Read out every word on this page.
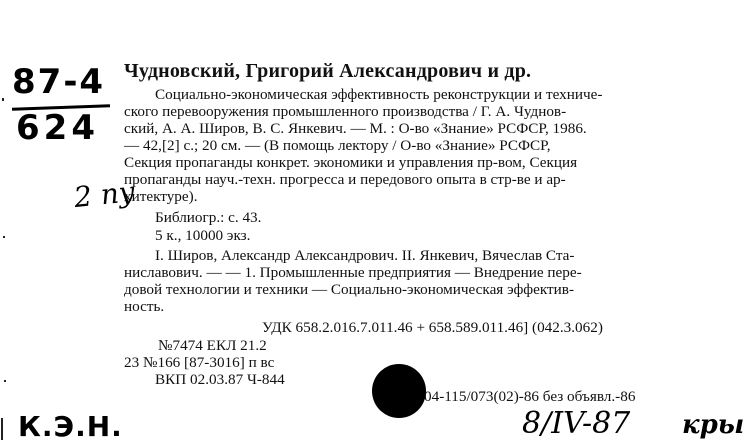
87-4
624
2 пу
Чудновский, Григорий Александрович и др.
Социально-экономическая эффективность реконструкции и техниче-
ского перевооружения промышленного производства / Г. А. Чуднов-
ский, А. А. Широв, В. С. Янкевич. — М. : О-во «Знание» РСФСР, 1986.
— 42,[2] с.; 20 см. — (В помощь лектору / О-во «Знание» РСФСР,
Секция пропаганды конкрет. экономики и управления пр-вом, Секция
пропаганды науч.-техн. прогресса и передового опыта в стр-ве и ар-
хитектуре).
Библиогр.: с. 43.
5 к., 10000 экз.
I. Широв, Александр Александрович. II. Янкевич, Вячеслав Ста-
ниславович. — — 1. Промышленные предприятия — Внедрение пере-
довой технологии и техники — Социально-экономическая эффектив-
ность.
УДК 658.2.016.7.011.46 + 658.589.011.46] (042.3.062)
№7474 ЕКЛ 21.2
23 №166 [87-3016] п вс
ВКП 02.03.87 Ч-844
04-115/073(02)-86 без объявл.-86
К.Э.Н.	8/IV-87 кры
